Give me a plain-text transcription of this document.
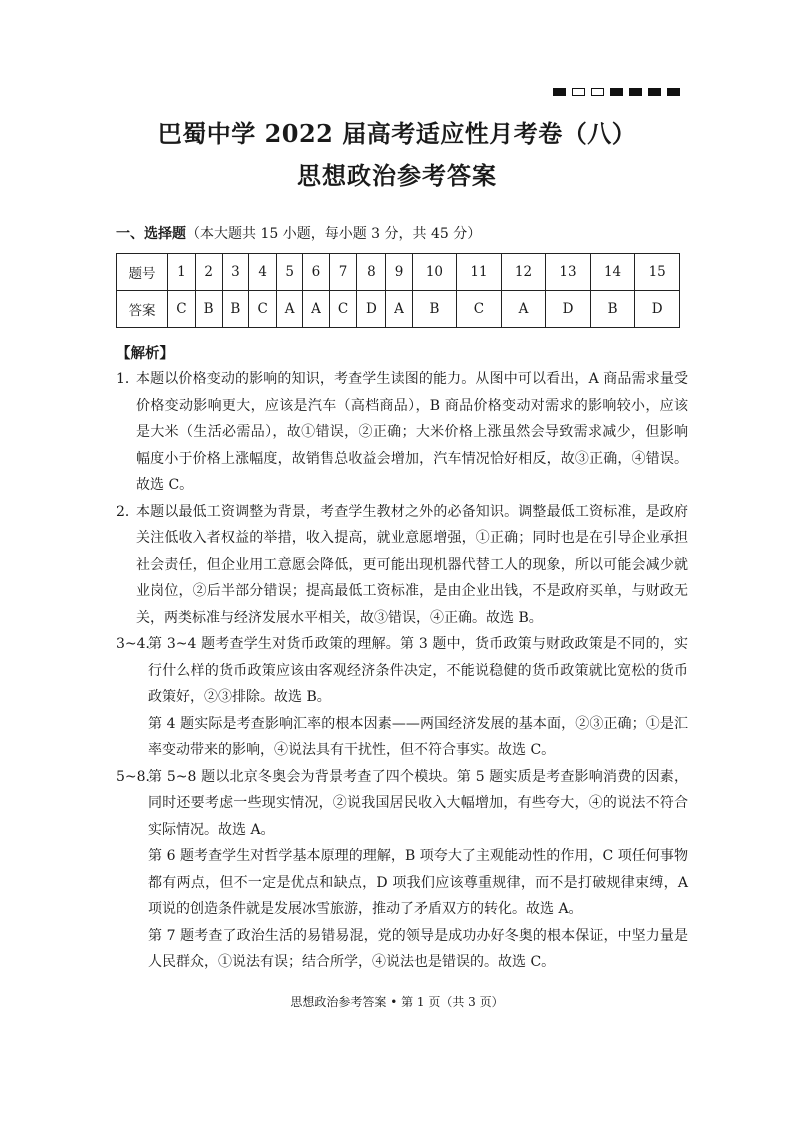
巴蜀中学 2022 届高考适应性月考卷（八）
思想政治参考答案
一、选择题（本大题共 15 小题，每小题 3 分，共 45 分）
题号	1	2	3	4	5	6	7	8	9	10	11	12	13	14	15
答案	C	B	B	C	A	A	C	D	A	B	C	A	D	B	D
【解析】
1．
本题以价格变动的影响的知识，考查学生读图的能力。从图中可以看出，A 商品需求量受价格变动影响更大，应该是汽车（高档商品），B 商品价格变动对需求的影响较小，应该是大米（生活必需品），故①错误，②正确；大米价格上涨虽然会导致需求减少，但影响幅度小于价格上涨幅度，故销售总收益会增加，汽车情况恰好相反，故③正确，④错误。故选 C。
2．
本题以最低工资调整为背景，考查学生教材之外的必备知识。调整最低工资标准，是政府关注低收入者权益的举措，收入提高，就业意愿增强，①正确；同时也是在引导企业承担社会责任，但企业用工意愿会降低，更可能出现机器代替工人的现象，所以可能会减少就业岗位，②后半部分错误；提高最低工资标准，是由企业出钱，不是政府买单，与财政无关，两类标准与经济发展水平相关，故③错误，④正确。故选 B。
3~4．
第 3~4 题考查学生对货币政策的理解。第 3 题中，货币政策与财政政策是不同的，实行什么样的货币政策应该由客观经济条件决定，不能说稳健的货币政策就比宽松的货币政策好，②③排除。故选 B。
第 4 题实际是考查影响汇率的根本因素——两国经济发展的基本面，②③正确；①是汇率变动带来的影响，④说法具有干扰性，但不符合事实。故选 C。
5~8．
第 5~8 题以北京冬奥会为背景考查了四个模块。第 5 题实质是考查影响消费的因素，同时还要考虑一些现实情况，②说我国居民收入大幅增加，有些夸大，④的说法不符合实际情况。故选 A。
第 6 题考查学生对哲学基本原理的理解，B 项夸大了主观能动性的作用，C 项任何事物都有两点，但不一定是优点和缺点，D 项我们应该尊重规律，而不是打破规律束缚，A 项说的创造条件就是发展冰雪旅游，推动了矛盾双方的转化。故选 A。
第 7 题考查了政治生活的易错易混，党的领导是成功办好冬奥的根本保证，中坚力量是人民群众，①说法有误；结合所学，④说法也是错误的。故选 C。
思想政治参考答案 • 第 1 页（共 3 页）
